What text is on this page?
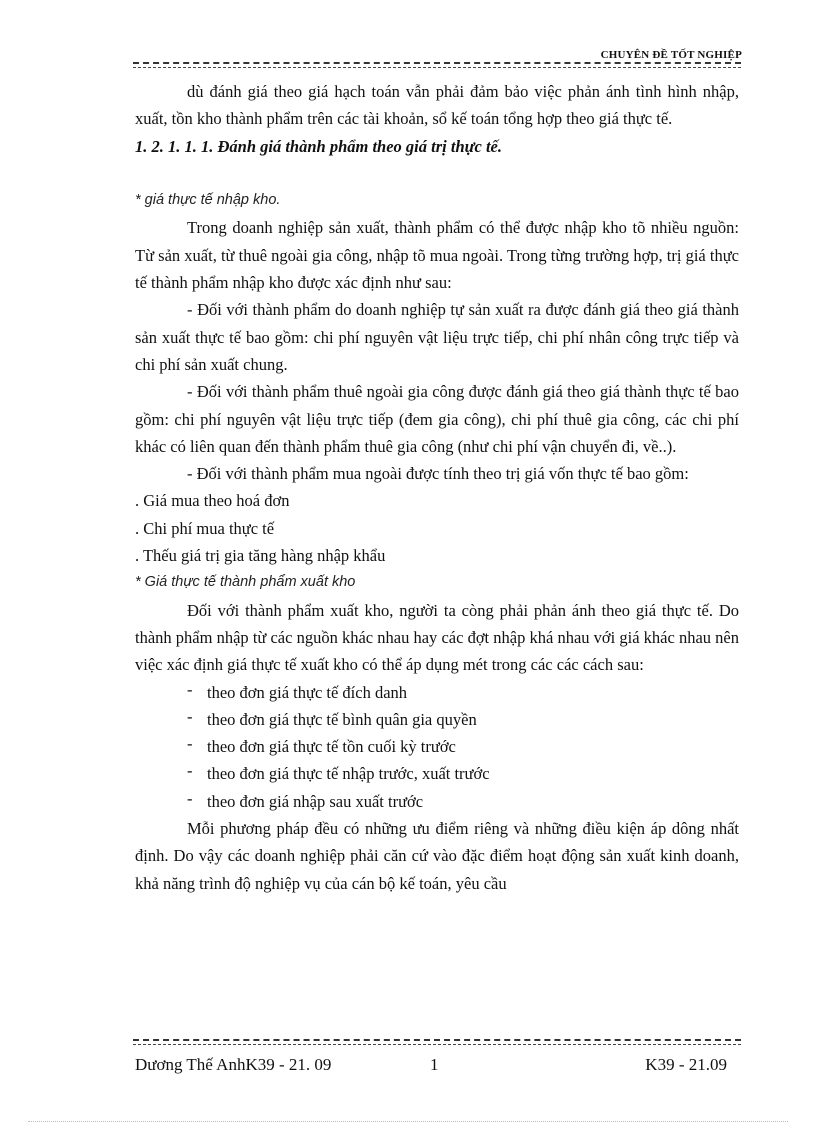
CHUYÊN ĐỀ TỐT NGHIỆP

dù đánh giá theo giá hạch toán vẫn phải đảm bảo việc phản ánh tình hình nhập, xuất, tồn kho thành phẩm trên các tài khoản, sổ kế toán tổng hợp theo giá thực tế.

1. 2. 1. 1. 1. Đánh giá thành phẩm theo giá trị thực tế.

* giá thực tế nhập kho.

Trong doanh nghiệp sản xuất, thành phẩm có thể được nhập kho tõ nhiều nguồn: Từ sản xuất, từ thuê ngoài gia công, nhập tõ mua ngoài. Trong từng trường hợp, trị giá thực tế thành phẩm nhập kho được xác định như sau:

- Đối với thành phẩm do doanh nghiệp tự sản xuất ra được đánh giá theo giá thành sản xuất thực tế bao gồm: chi phí nguyên vật liệu trực tiếp, chi phí nhân công trực tiếp và chi phí sản xuất chung.

- Đối với thành phẩm thuê ngoài gia công được đánh giá theo giá thành thực tế bao gồm: chi phí nguyên vật liệu trực tiếp (đem gia công), chi phí thuê gia công, các chi phí khác có liên quan đến thành phẩm thuê gia công (như chi phí vận chuyển đi, về..).

- Đối với thành phẩm mua ngoài được tính theo trị giá vốn thực tế bao gồm:

. Giá mua theo hoá đơn

. Chi phí mua thực tế

. Thếu giá trị gia tăng hàng nhập khẩu

* Giá thực tế thành phẩm xuất kho

Đối với thành phẩm xuất kho, người ta còng phải phản ánh theo giá thực tế. Do thành phẩm nhập từ các nguồn khác nhau hay các đợt nhập khá nhau với giá khác nhau nên việc xác định giá thực tế xuất kho có thể áp dụng mét trong các các cách sau:

- theo đơn giá thực tế đích danh

- theo đơn giá thực tế bình quân gia quyền

- theo đơn giá thực tế tồn cuối kỳ trước

- theo đơn giá thực tế nhập trước, xuất trước

- theo đơn giá nhập sau xuất trước

Mỗi phương pháp đều có những ưu điểm riêng và những điều kiện áp dông nhất định. Do vậy các doanh nghiệp phải căn cứ vào đặc điểm hoạt động sản xuất kinh doanh, khả năng trình độ nghiệp vụ của cán bộ kế toán, yêu cầu

Dương Thế AnhK39 - 21. 09	1	K39 - 21.09
